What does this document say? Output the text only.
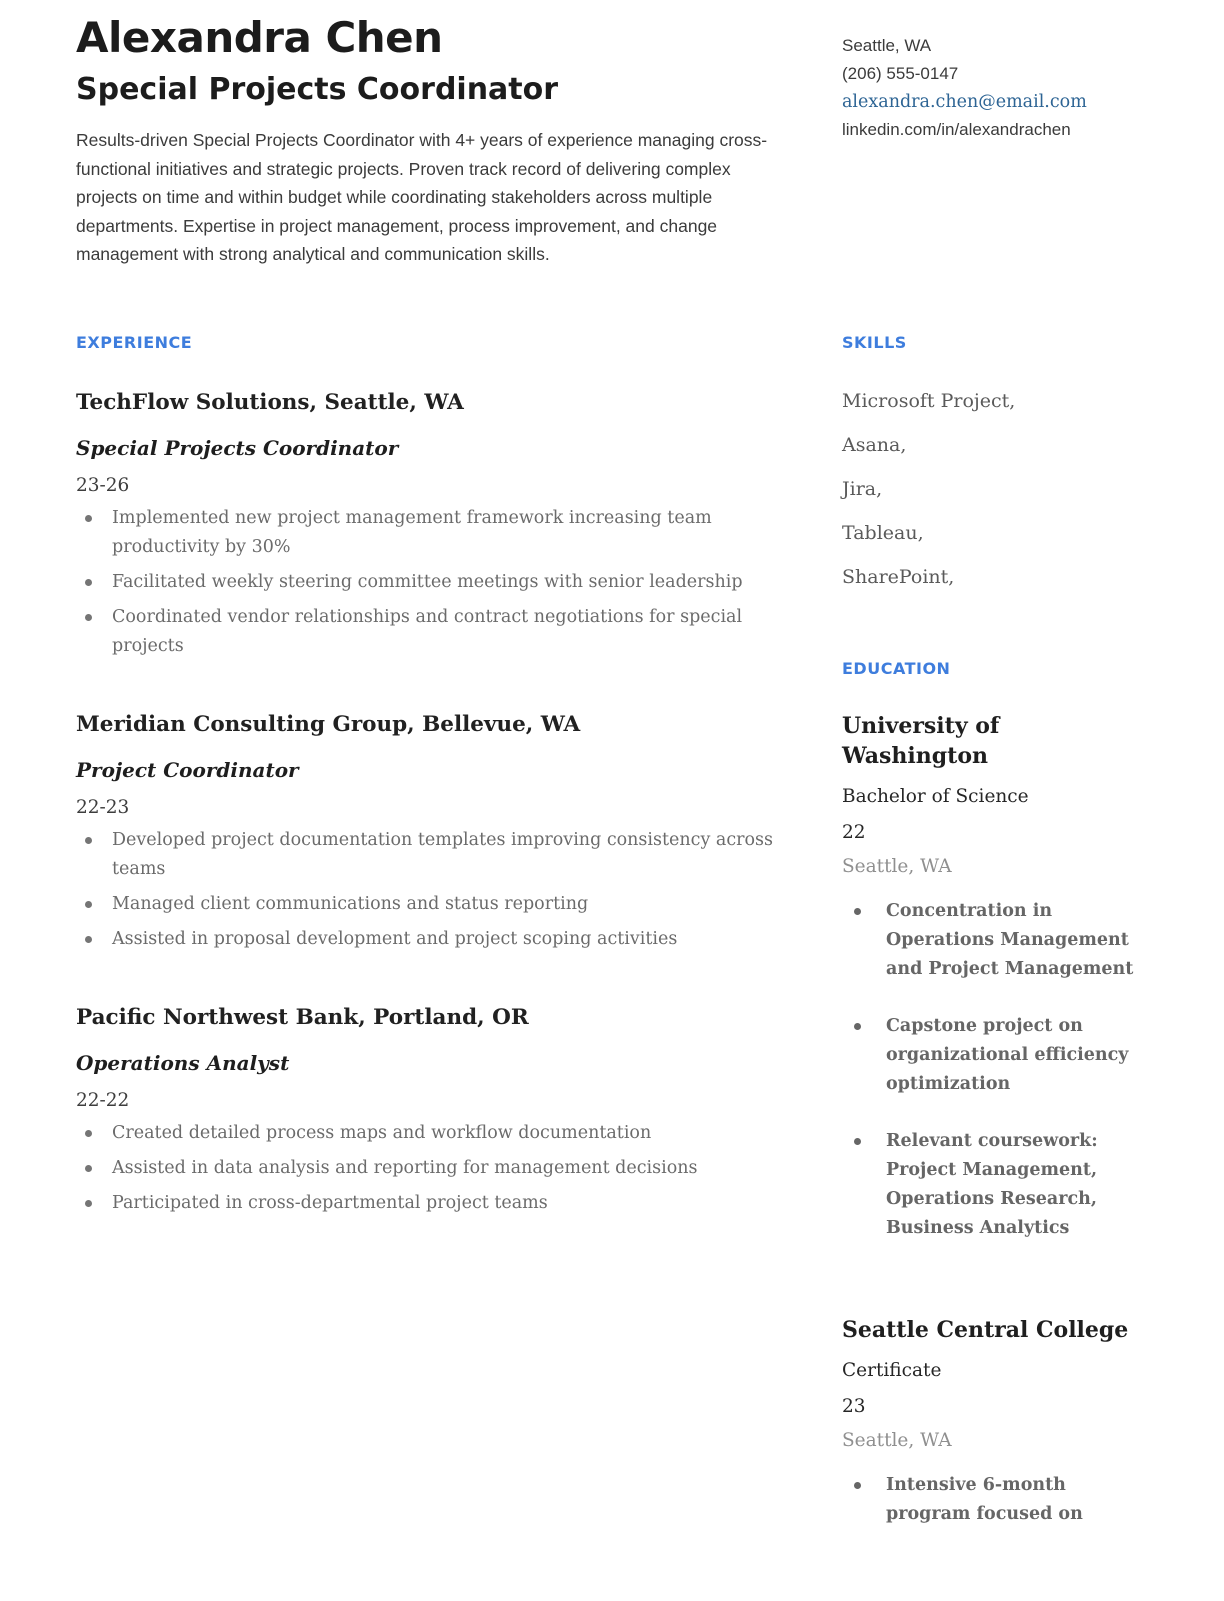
Alexandra Chen
Special Projects Coordinator

Results-driven Special Projects Coordinator with 4+ years of experience managing cross-functional initiatives and strategic projects. Proven track record of delivering complex projects on time and within budget while coordinating stakeholders across multiple departments. Expertise in project management, process improvement, and change management with strong analytical and communication skills.

Seattle, WA
(206) 555-0147
alexandra.chen@email.com
linkedin.com/in/alexandrachen
EXPERIENCE
TechFlow Solutions, Seattle, WA
Special Projects Coordinator
23-26
Implemented new project management framework increasing team productivity by 30%
Facilitated weekly steering committee meetings with senior leadership
Coordinated vendor relationships and contract negotiations for special projects
Meridian Consulting Group, Bellevue, WA
Project Coordinator
22-23
Developed project documentation templates improving consistency across teams
Managed client communications and status reporting
Assisted in proposal development and project scoping activities
Pacific Northwest Bank, Portland, OR
Operations Analyst
22-22
Created detailed process maps and workflow documentation
Assisted in data analysis and reporting for management decisions
Participated in cross-departmental project teams
SKILLS
Microsoft Project,
Asana,
Jira,
Tableau,
SharePoint,
EDUCATION
University of Washington
Bachelor of Science
22
Seattle, WA
Concentration in Operations Management and Project Management
Capstone project on organizational efficiency optimization
Relevant coursework: Project Management, Operations Research, Business Analytics
Seattle Central College
Certificate
23
Seattle, WA
Intensive 6-month program focused on
